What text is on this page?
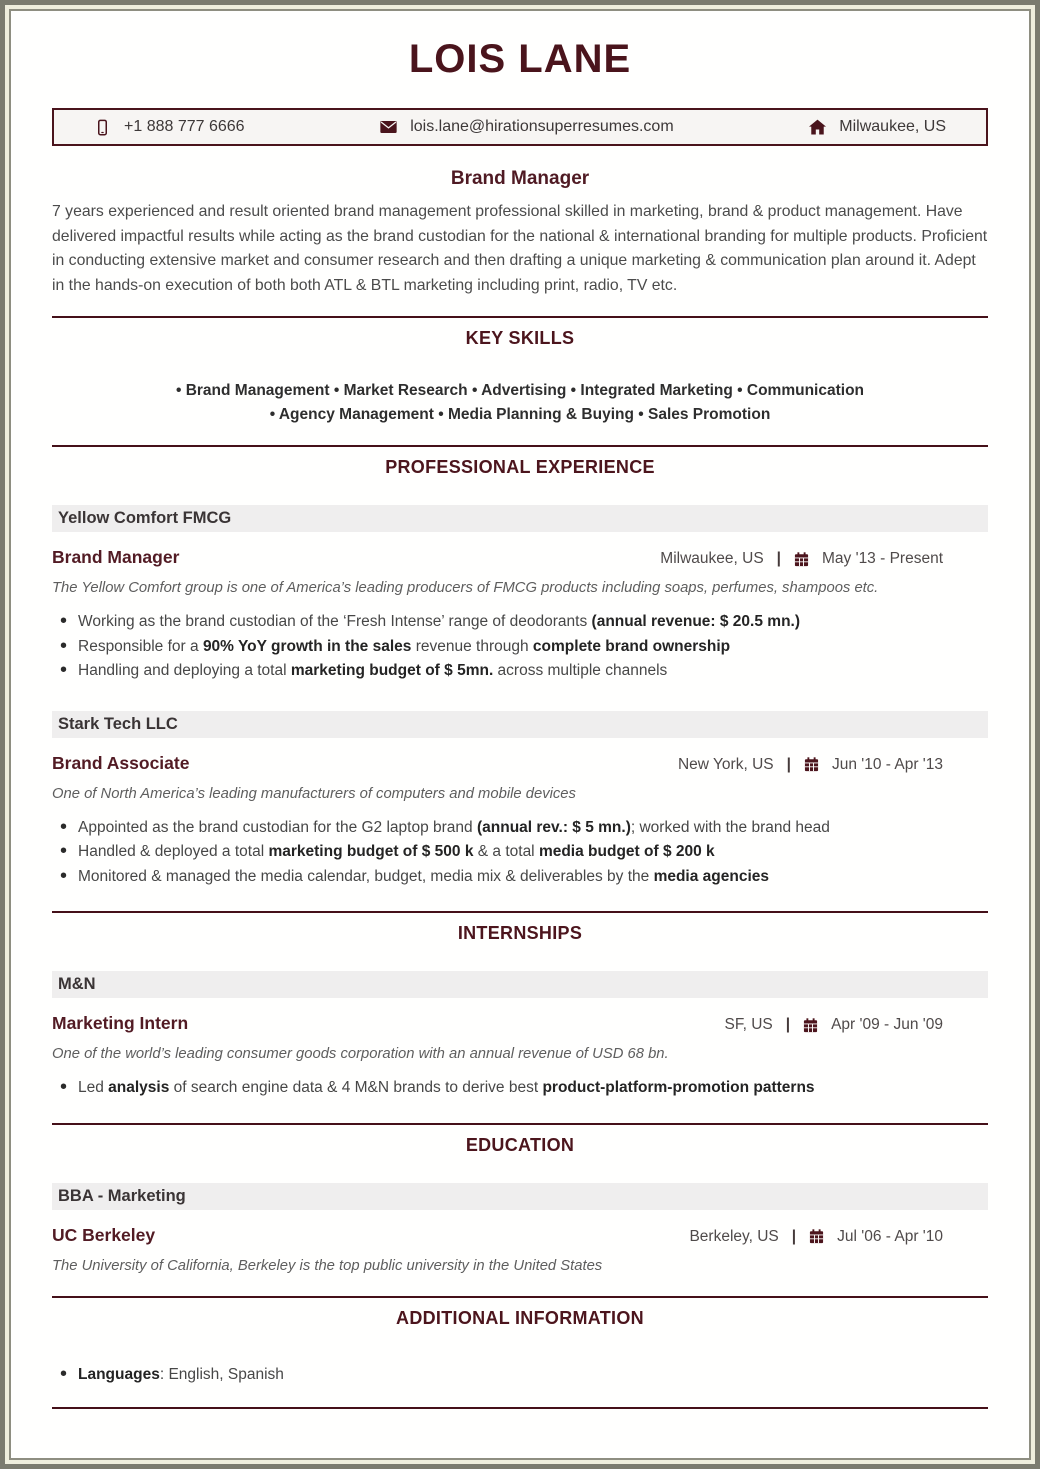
LOIS LANE
+1 888 777 6666	lois.lane@hirationsuperresumes.com	Milwaukee, US
Brand Manager

7 years experienced and result oriented brand management professional skilled in marketing, brand & product management. Have delivered impactful results while acting as the brand custodian for the national & international branding for multiple products. Proficient in conducting extensive market and consumer research and then drafting a unique marketing & communication plan around it. Adept in the hands-on execution of both both ATL & BTL marketing including print, radio, TV etc.

KEY SKILLS
• Brand Management • Market Research • Advertising • Integrated Marketing • Communication
• Agency Management • Media Planning & Buying • Sales Promotion
PROFESSIONAL EXPERIENCE
Yellow Comfort FMCG
Brand Manager	Milwaukee, US |	May '13 - Present

The Yellow Comfort group is one of America’s leading producers of FMCG products including soaps, perfumes, shampoos etc.

• Working as the brand custodian of the ‘Fresh Intense’ range of deodorants (annual revenue: $ 20.5 mn.)
• Responsible for a 90% YoY growth in the sales revenue through complete brand ownership
• Handling and deploying a total marketing budget of $ 5mn. across multiple channels
Stark Tech LLC
Brand Associate	New York, US |	Jun '10 - Apr '13

One of North America’s leading manufacturers of computers and mobile devices

• Appointed as the brand custodian for the G2 laptop brand (annual rev.: $ 5 mn.); worked with the brand head
• Handled & deployed a total marketing budget of $ 500 k & a total media budget of $ 200 k
• Monitored & managed the media calendar, budget, media mix & deliverables by the media agencies
INTERNSHIPS
M&N
Marketing Intern	SF, US |	Apr '09 - Jun '09

One of the world’s leading consumer goods corporation with an annual revenue of USD 68 bn.

• Led analysis of search engine data & 4 M&N brands to derive best product-platform-promotion patterns
EDUCATION
BBA - Marketing
UC Berkeley	Berkeley, US |	Jul '06 - Apr '10

The University of California, Berkeley is the top public university in the United States

ADDITIONAL INFORMATION
• Languages: English, Spanish
